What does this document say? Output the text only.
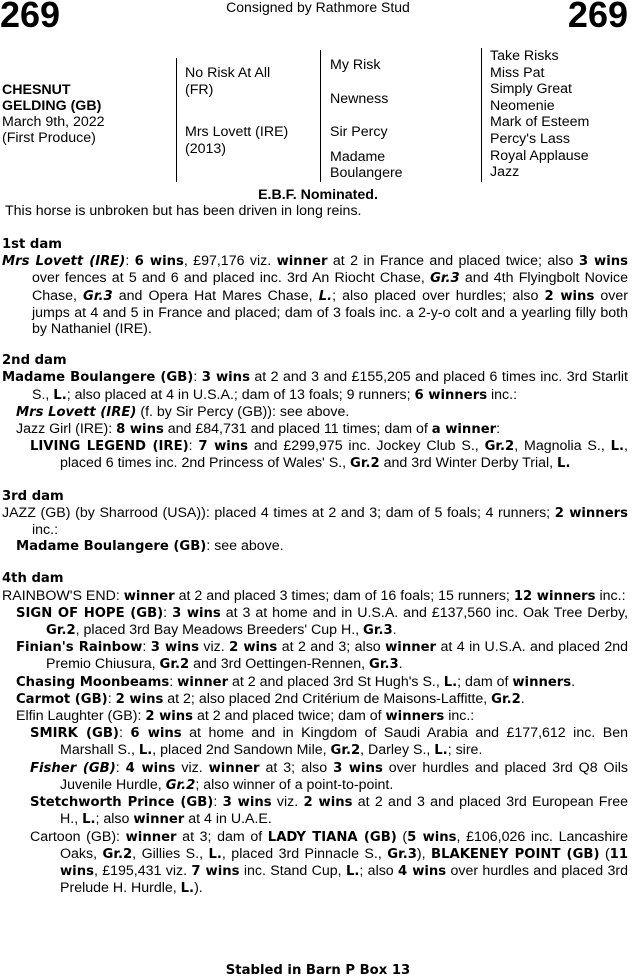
269	Consigned by Rathmore Stud	269
CHESNUT
GELDING (GB)
March 9th, 2022
(First Produce)
No Risk At All
(FR)
Mrs Lovett (IRE)
(2013)
My Risk
Newness
Sir Percy
Madame
Boulangere
Take Risks
Miss Pat
Simply Great
Neomenie
Mark of Esteem
Percy's Lass
Royal Applause
Jazz
E.B.F. Nominated.
This horse is unbroken but has been driven in long reins.
1st dam
Mrs Lovett (IRE): 6 wins, £97,176 viz. winner at 2 in France and placed twice; also 3 wins over fences at 5 and 6 and placed inc. 3rd An Riocht Chase, Gr.3 and 4th Flyingbolt Novice Chase, Gr.3 and Opera Hat Mares Chase, L.; also placed over hurdles; also 2 wins over jumps at 4 and 5 in France and placed; dam of 3 foals inc. a 2-y-o colt and a yearling filly both by Nathaniel (IRE).
2nd dam
Madame Boulangere (GB): 3 wins at 2 and 3 and £155,205 and placed 6 times inc. 3rd Starlit S., L.; also placed at 4 in U.S.A.; dam of 13 foals; 9 runners; 6 winners inc.:
Mrs Lovett (IRE) (f. by Sir Percy (GB)): see above.
Jazz Girl (IRE): 8 wins and £84,731 and placed 11 times; dam of a winner:
LIVING LEGEND (IRE): 7 wins and £299,975 inc. Jockey Club S., Gr.2, Magnolia S., L., placed 6 times inc. 2nd Princess of Wales' S., Gr.2 and 3rd Winter Derby Trial, L.
3rd dam
JAZZ (GB) (by Sharrood (USA)): placed 4 times at 2 and 3; dam of 5 foals; 4 runners; 2 winners inc.:
Madame Boulangere (GB): see above.
4th dam
RAINBOW'S END: winner at 2 and placed 3 times; dam of 16 foals; 15 runners; 12 winners inc.:
SIGN OF HOPE (GB): 3 wins at 3 at home and in U.S.A. and £137,560 inc. Oak Tree Derby, Gr.2, placed 3rd Bay Meadows Breeders' Cup H., Gr.3.
Finian's Rainbow: 3 wins viz. 2 wins at 2 and 3; also winner at 4 in U.S.A. and placed 2nd Premio Chiusura, Gr.2 and 3rd Oettingen-Rennen, Gr.3.
Chasing Moonbeams: winner at 2 and placed 3rd St Hugh's S., L.; dam of winners.
Carmot (GB): 2 wins at 2; also placed 2nd Critérium de Maisons-Laffitte, Gr.2.
Elfin Laughter (GB): 2 wins at 2 and placed twice; dam of winners inc.:
SMIRK (GB): 6 wins at home and in Kingdom of Saudi Arabia and £177,612 inc. Ben Marshall S., L., placed 2nd Sandown Mile, Gr.2, Darley S., L.; sire.
Fisher (GB): 4 wins viz. winner at 3; also 3 wins over hurdles and placed 3rd Q8 Oils Juvenile Hurdle, Gr.2; also winner of a point-to-point.
Stetchworth Prince (GB): 3 wins viz. 2 wins at 2 and 3 and placed 3rd European Free H., L.; also winner at 4 in U.A.E.
Cartoon (GB): winner at 3; dam of LADY TIANA (GB) (5 wins, £106,026 inc. Lancashire Oaks, Gr.2, Gillies S., L., placed 3rd Pinnacle S., Gr.3), BLAKENEY POINT (GB) (11 wins, £195,431 viz. 7 wins inc. Stand Cup, L.; also 4 wins over hurdles and placed 3rd Prelude H. Hurdle, L.).
Stabled in Barn P Box 13
